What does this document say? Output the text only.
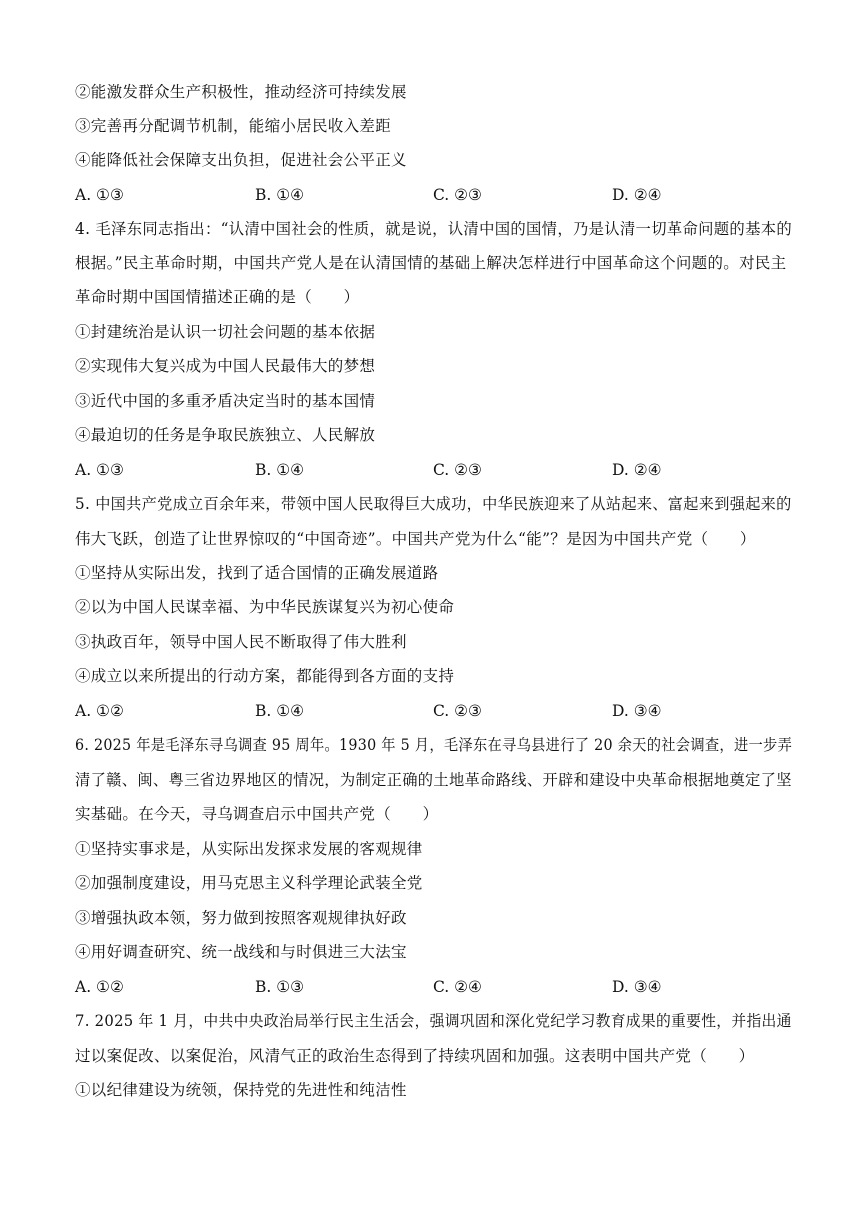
②能激发群众生产积极性，推动经济可持续发展
③完善再分配调节机制，能缩小居民收入差距
④能降低社会保障支出负担，促进社会公平正义
A. ①③	B. ①④	C. ②③	D. ②④
4. 毛泽东同志指出：“认清中国社会的性质，就是说，认清中国的国情，乃是认清一切革命问题的基本的
根据。”民主革命时期，中国共产党人是在认清国情的基础上解决怎样进行中国革命这个问题的。对民主
革命时期中国国情描述正确的是（　　）
①封建统治是认识一切社会问题的基本依据
②实现伟大复兴成为中国人民最伟大的梦想
③近代中国的多重矛盾决定当时的基本国情
④最迫切的任务是争取民族独立、人民解放
A. ①③	B. ①④	C. ②③	D. ②④
5. 中国共产党成立百余年来，带领中国人民取得巨大成功，中华民族迎来了从站起来、富起来到强起来的
伟大飞跃，创造了让世界惊叹的“中国奇迹”。中国共产党为什么“能”？是因为中国共产党（　　）
①坚持从实际出发，找到了适合国情的正确发展道路
②以为中国人民谋幸福、为中华民族谋复兴为初心使命
③执政百年，领导中国人民不断取得了伟大胜利
④成立以来所提出的行动方案，都能得到各方面的支持
A. ①②	B. ①④	C. ②③	D. ③④
6. 2025 年是毛泽东寻乌调查 95 周年。1930 年 5 月，毛泽东在寻乌县进行了 20 余天的社会调查，进一步弄
清了赣、闽、粤三省边界地区的情况，为制定正确的土地革命路线、开辟和建设中央革命根据地奠定了坚
实基础。在今天，寻乌调查启示中国共产党（　　）
①坚持实事求是，从实际出发探求发展的客观规律
②加强制度建设，用马克思主义科学理论武装全党
③增强执政本领，努力做到按照客观规律执好政
④用好调查研究、统一战线和与时俱进三大法宝
A. ①②	B. ①③	C. ②④	D. ③④
7. 2025 年 1 月，中共中央政治局举行民主生活会，强调巩固和深化党纪学习教育成果的重要性，并指出通
过以案促改、以案促治，风清气正的政治生态得到了持续巩固和加强。这表明中国共产党（　　）
①以纪律建设为统领，保持党的先进性和纯洁性
